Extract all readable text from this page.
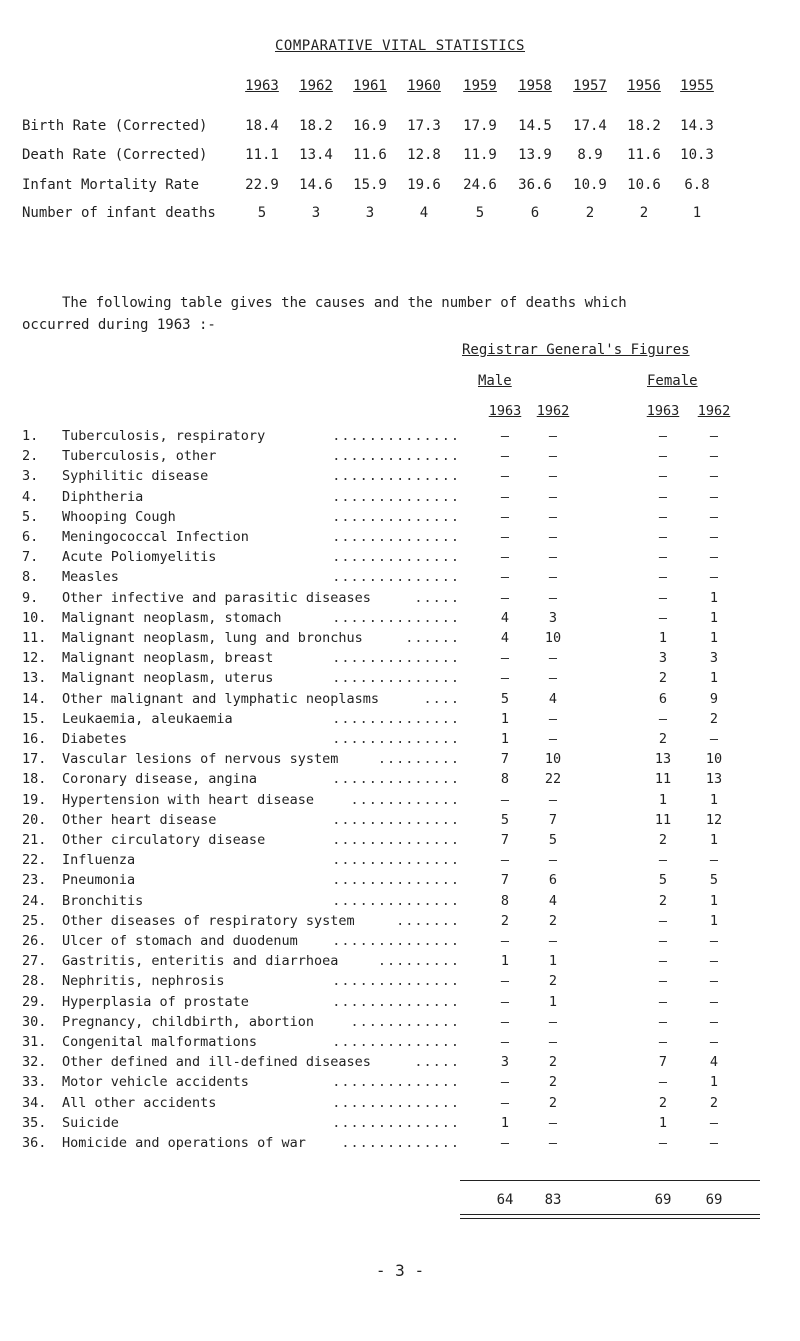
COMPARATIVE VITAL STATISTICS
1963	1962	1961	1960	1959	1958	1957	1956	1955
Birth Rate (Corrected)	18.4	18.2	16.9	17.3	17.9	14.5	17.4	18.2	14.3
Death Rate (Corrected)	11.1	13.4	11.6	12.8	11.9	13.9	8.9	11.6	10.3
Infant Mortality Rate	22.9	14.6	15.9	19.6	24.6	36.6	10.9	10.6	6.8
Number of infant deaths	5	3	3	4	5	6	2	2	1
The following table gives the causes and the number of deaths which
occurred during 1963 :-
Registrar General's Figures
Male	Female
1963 1962	1963 1962
1.	Tuberculosis, respiratory	..............	–	–	–	–
2.	Tuberculosis, other	..............	–	–	–	–
3.	Syphilitic disease	..............	–	–	–	–
4.	Diphtheria	..............	–	–	–	–
5.	Whooping Cough	..............	–	–	–	–
6.	Meningococcal Infection	..............	–	–	–	–
7.	Acute Poliomyelitis	..............	–	–	–	–
8.	Measles	..............	–	–	–	–
9.	Other infective and parasitic diseases	.....	–	–	–	1
10.	Malignant neoplasm, stomach	..............	4	3	–	1
11.	Malignant neoplasm, lung and bronchus	......	4	10	1	1
12.	Malignant neoplasm, breast	..............	–	–	3	3
13.	Malignant neoplasm, uterus	..............	–	–	2	1
14.	Other malignant and lymphatic neoplasms	....	5	4	6	9
15.	Leukaemia, aleukaemia	..............	1	–	–	2
16.	Diabetes	..............	1	–	2	–
17.	Vascular lesions of nervous system	.........	7	10	13	10
18.	Coronary disease, angina	..............	8	22	11	13
19.	Hypertension with heart disease	............	–	–	1	1
20.	Other heart disease	..............	5	7	11	12
21.	Other circulatory disease	..............	7	5	2	1
22.	Influenza	..............	–	–	–	–
23.	Pneumonia	..............	7	6	5	5
24.	Bronchitis	..............	8	4	2	1
25.	Other diseases of respiratory system	.......	2	2	–	1
26.	Ulcer of stomach and duodenum	..............	–	–	–	–
27.	Gastritis, enteritis and diarrhoea	.........	1	1	–	–
28.	Nephritis, nephrosis	..............	–	2	–	–
29.	Hyperplasia of prostate	..............	–	1	–	–
30.	Pregnancy, childbirth, abortion	............	–	–	–	–
31.	Congenital malformations	..............	–	–	–	–
32.	Other defined and ill-defined diseases	.....	3	2	7	4
33.	Motor vehicle accidents	..............	–	2	–	1
34.	All other accidents	..............	–	2	2	2
35.	Suicide	..............	1	–	1	–
36.	Homicide and operations of war	.............	–	–	–	–
64	83	69	69
- 3 -
